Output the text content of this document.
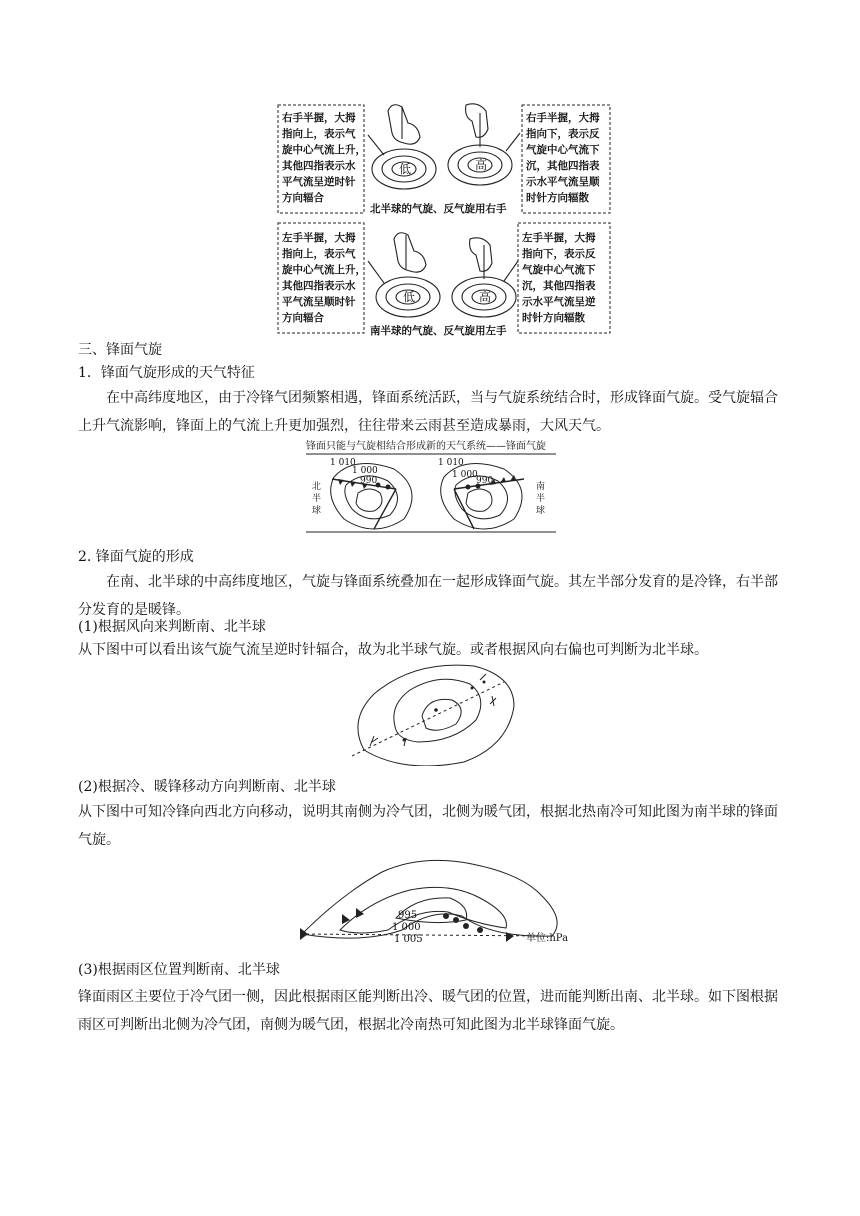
右手半握，大拇
指向上，表示气
旋中心气流上升，
其他四指表示水
平气流呈逆时针
方向辐合
右手半握，大拇
指向下，表示反
气旋中心气流下
沉，其他四指表
示水平气流呈顺
时针方向辐散
低	高
北半球的气旋、反气旋用右手
左手半握，大拇
指向上，表示气
旋中心气流上升，
其他四指表示水
平气流呈顺时针
方向辐合
左手半握，大拇
指向下，表示反
气旋中心气流下
沉，其他四指表
示水平气流呈逆
时针方向辐散
低	高
南半球的气旋、反气旋用左手
三、锋面气旋
1．锋面气旋形成的天气特征
在中高纬度地区，由于冷锋气团频繁相遇，锋面系统活跃，当与气旋系统结合时，形成锋面气旋。受气旋辐合上升气流影响，锋面上的气流上升更加强烈，往往带来云雨甚至造成暴雨，大风天气。
锋面只能与气旋相结合形成新的天气系统——锋面气旋
1 010
1 000
990
北
半
球
1 010
1 000
990
南
半
球
2. 锋面气旋的形成
在南、北半球的中高纬度地区，气旋与锋面系统叠加在一起形成锋面气旋。其左半部分发育的是冷锋，右半部分发育的是暖锋。
(1)根据风向来判断南、北半球
从下图中可以看出该气旋气流呈逆时针辐合，故为北半球气旋。或者根据风向右偏也可判断为北半球。
(2)根据冷、暖锋移动方向判断南、北半球
从下图中可知冷锋向西北方向移动，说明其南侧为冷气团，北侧为暖气团，根据北热南冷可知此图为南半球的锋面气旋。
995
1 000
1 005	单位:hPa
(3)根据雨区位置判断南、北半球
锋面雨区主要位于冷气团一侧，因此根据雨区能判断出冷、暖气团的位置，进而能判断出南、北半球。如下图根据雨区可判断出北侧为冷气团，南侧为暖气团，根据北冷南热可知此图为北半球锋面气旋。
